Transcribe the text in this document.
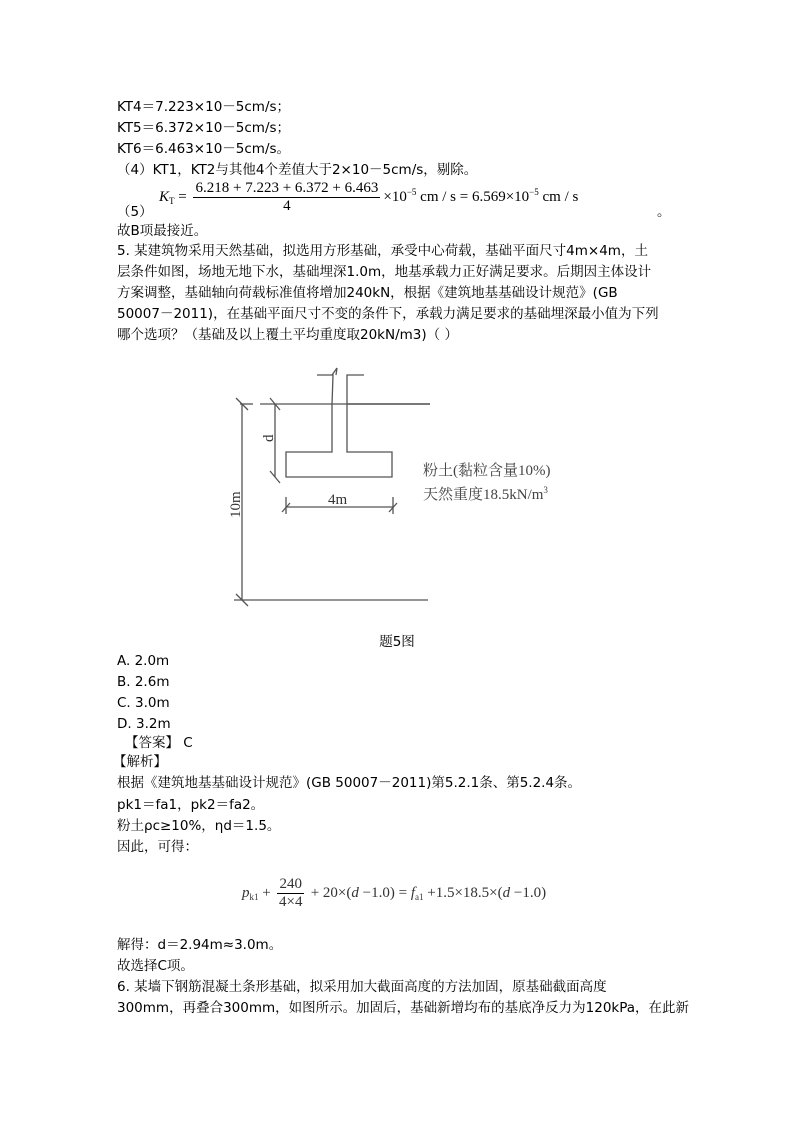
KT4＝7.223×10－5cm/s；
KT5＝6.372×10－5cm/s；
KT6＝6.463×10－5cm/s。
（4）KT1，KT2与其他4个差值大于2×10－5cm/s，剔除。
（5）
$K_T = \frac{6.218 + 7.223 + 6.372 + 6.463}{4} \times 10^{-5}$ cm / $s = 6.569\times 10^{-5}$ cm / s
。
故B项最接近。
5. 某建筑物采用天然基础，拟选用方形基础，承受中心荷载，基础平面尺寸4m×4m，土
层条件如图，场地无地下水，基础埋深1.0m，地基承载力正好满足要求。后期因主体设计
方案调整，基础轴向荷载标准值将增加240kN，根据《建筑地基基础设计规范》(GB
50007－2011)，在基础平面尺寸不变的条件下，承载力满足要求的基础埋深最小值为下列
哪个选项？（基础及以上覆土平均重度取20kN/m3)（ ）
d
10m	4m
粉土(黏粒含量10%)
天然重度$18.5kN/m^3$
题5图
A. 2.0m
B. 2.6m
C. 3.0m
D. 3.2m
【答案】 C
【解析】
根据《建筑地基基础设计规范》(GB 50007－2011)第5.2.1条、第5.2.4条。
pk1＝fa1，pk2＝fa2。
粉土ρc≥10%，ηd＝1.5。
因此，可得：
$p_{k1} + \frac{240}{4\times 4} + 20\times(d -1.0) = f_{a1} +1.5\times 18.5\times(d -1.0)$
解得：d＝2.94m≈3.0m。
故选择C项。
6. 某墙下钢筋混凝土条形基础，拟采用加大截面高度的方法加固，原基础截面高度
300mm，再叠合300mm，如图所示。加固后，基础新增均布的基底净反力为120kPa，在此新
